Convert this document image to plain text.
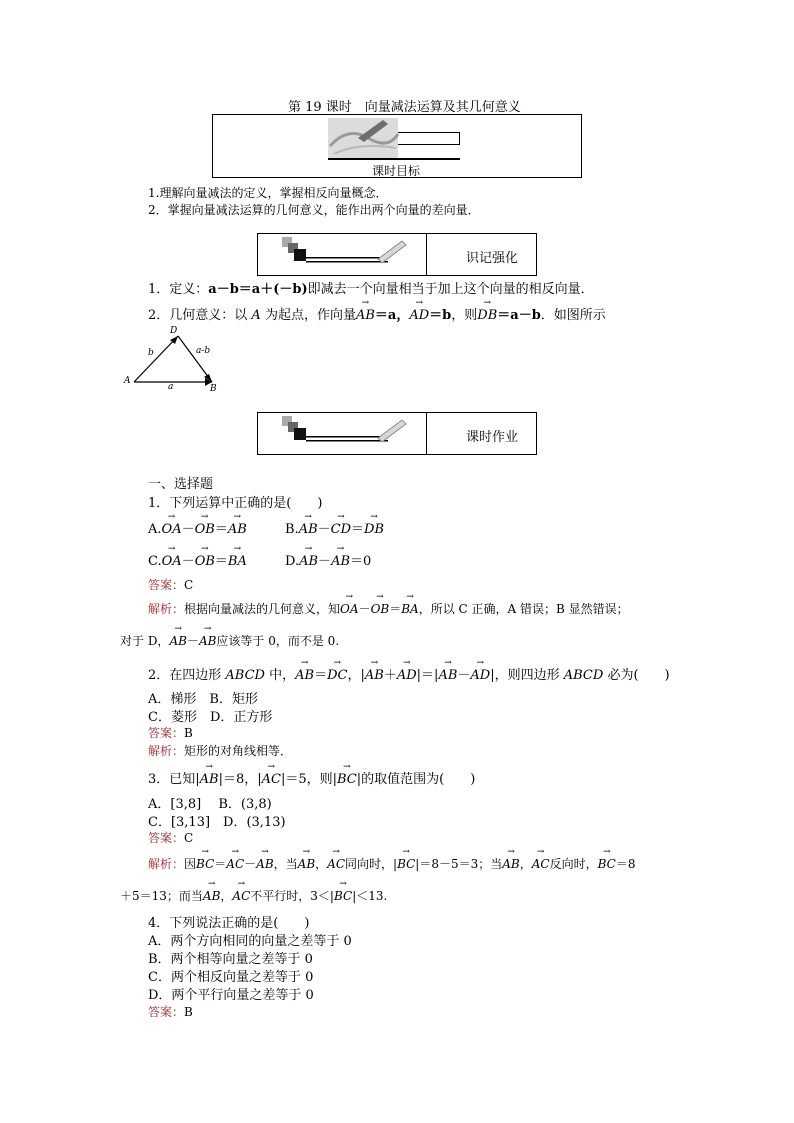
第 19 课时　向量减法运算及其几何意义
课时目标
1.理解向量减法的定义，掌握相反向量概念．
2．掌握向量减法运算的几何意义，能作出两个向量的差向量．
识记强化
1．定义：a－b＝a＋(－b)即减去一个向量相当于加上这个向量的相反向量．
2．几何意义：以 A 为起点，作向量→ AB＝a，→ AD＝b，则→ DB＝a－b．如图所示
D
b	a-b
A
a	B
课时作业
一、选择题
1．下列运算中正确的是(　　)
A.→ OA－→ OB＝→ AB	B.→ AB－→ CD＝→ DB
C.→ OA－→ OB＝→ BA	D.→ AB－→ AB＝0
答案：C
解析：根据向量减法的几何意义，知→ OA－→ OB＝→ BA，所以 C 正确，A 错误；B 显然错误；
对于 D，→ AB－→ AB应该等于 0，而不是 0.
2．在四边形 ABCD 中，→ AB＝→ DC，|→ AB＋→ AD|＝|→ AB－→ AD|，则四边形 ABCD 必为(　　)
A．梯形　B．矩形
C．菱形　D．正方形
答案：B
解析：矩形的对角线相等．
3．已知|→ AB|＝8，|→ AC|＝5，则|→ BC|的取值范围为(　　)
A．[3,8]　 B．(3,8)
C．[3,13]　D．(3,13)
答案：C
解析：因→ BC＝→ AC－→ AB，当→ AB，→ AC同向时，|→ BC|＝8－5＝3；当→ AB，→ AC反向时，→ BC＝8
＋5＝13；而当→ AB，→ AC不平行时，3＜|→ BC|＜13.
4．下列说法正确的是(　　)
A．两个方向相同的向量之差等于 0
B．两个相等向量之差等于 0
C．两个相反向量之差等于 0
D．两个平行向量之差等于 0
答案：B
